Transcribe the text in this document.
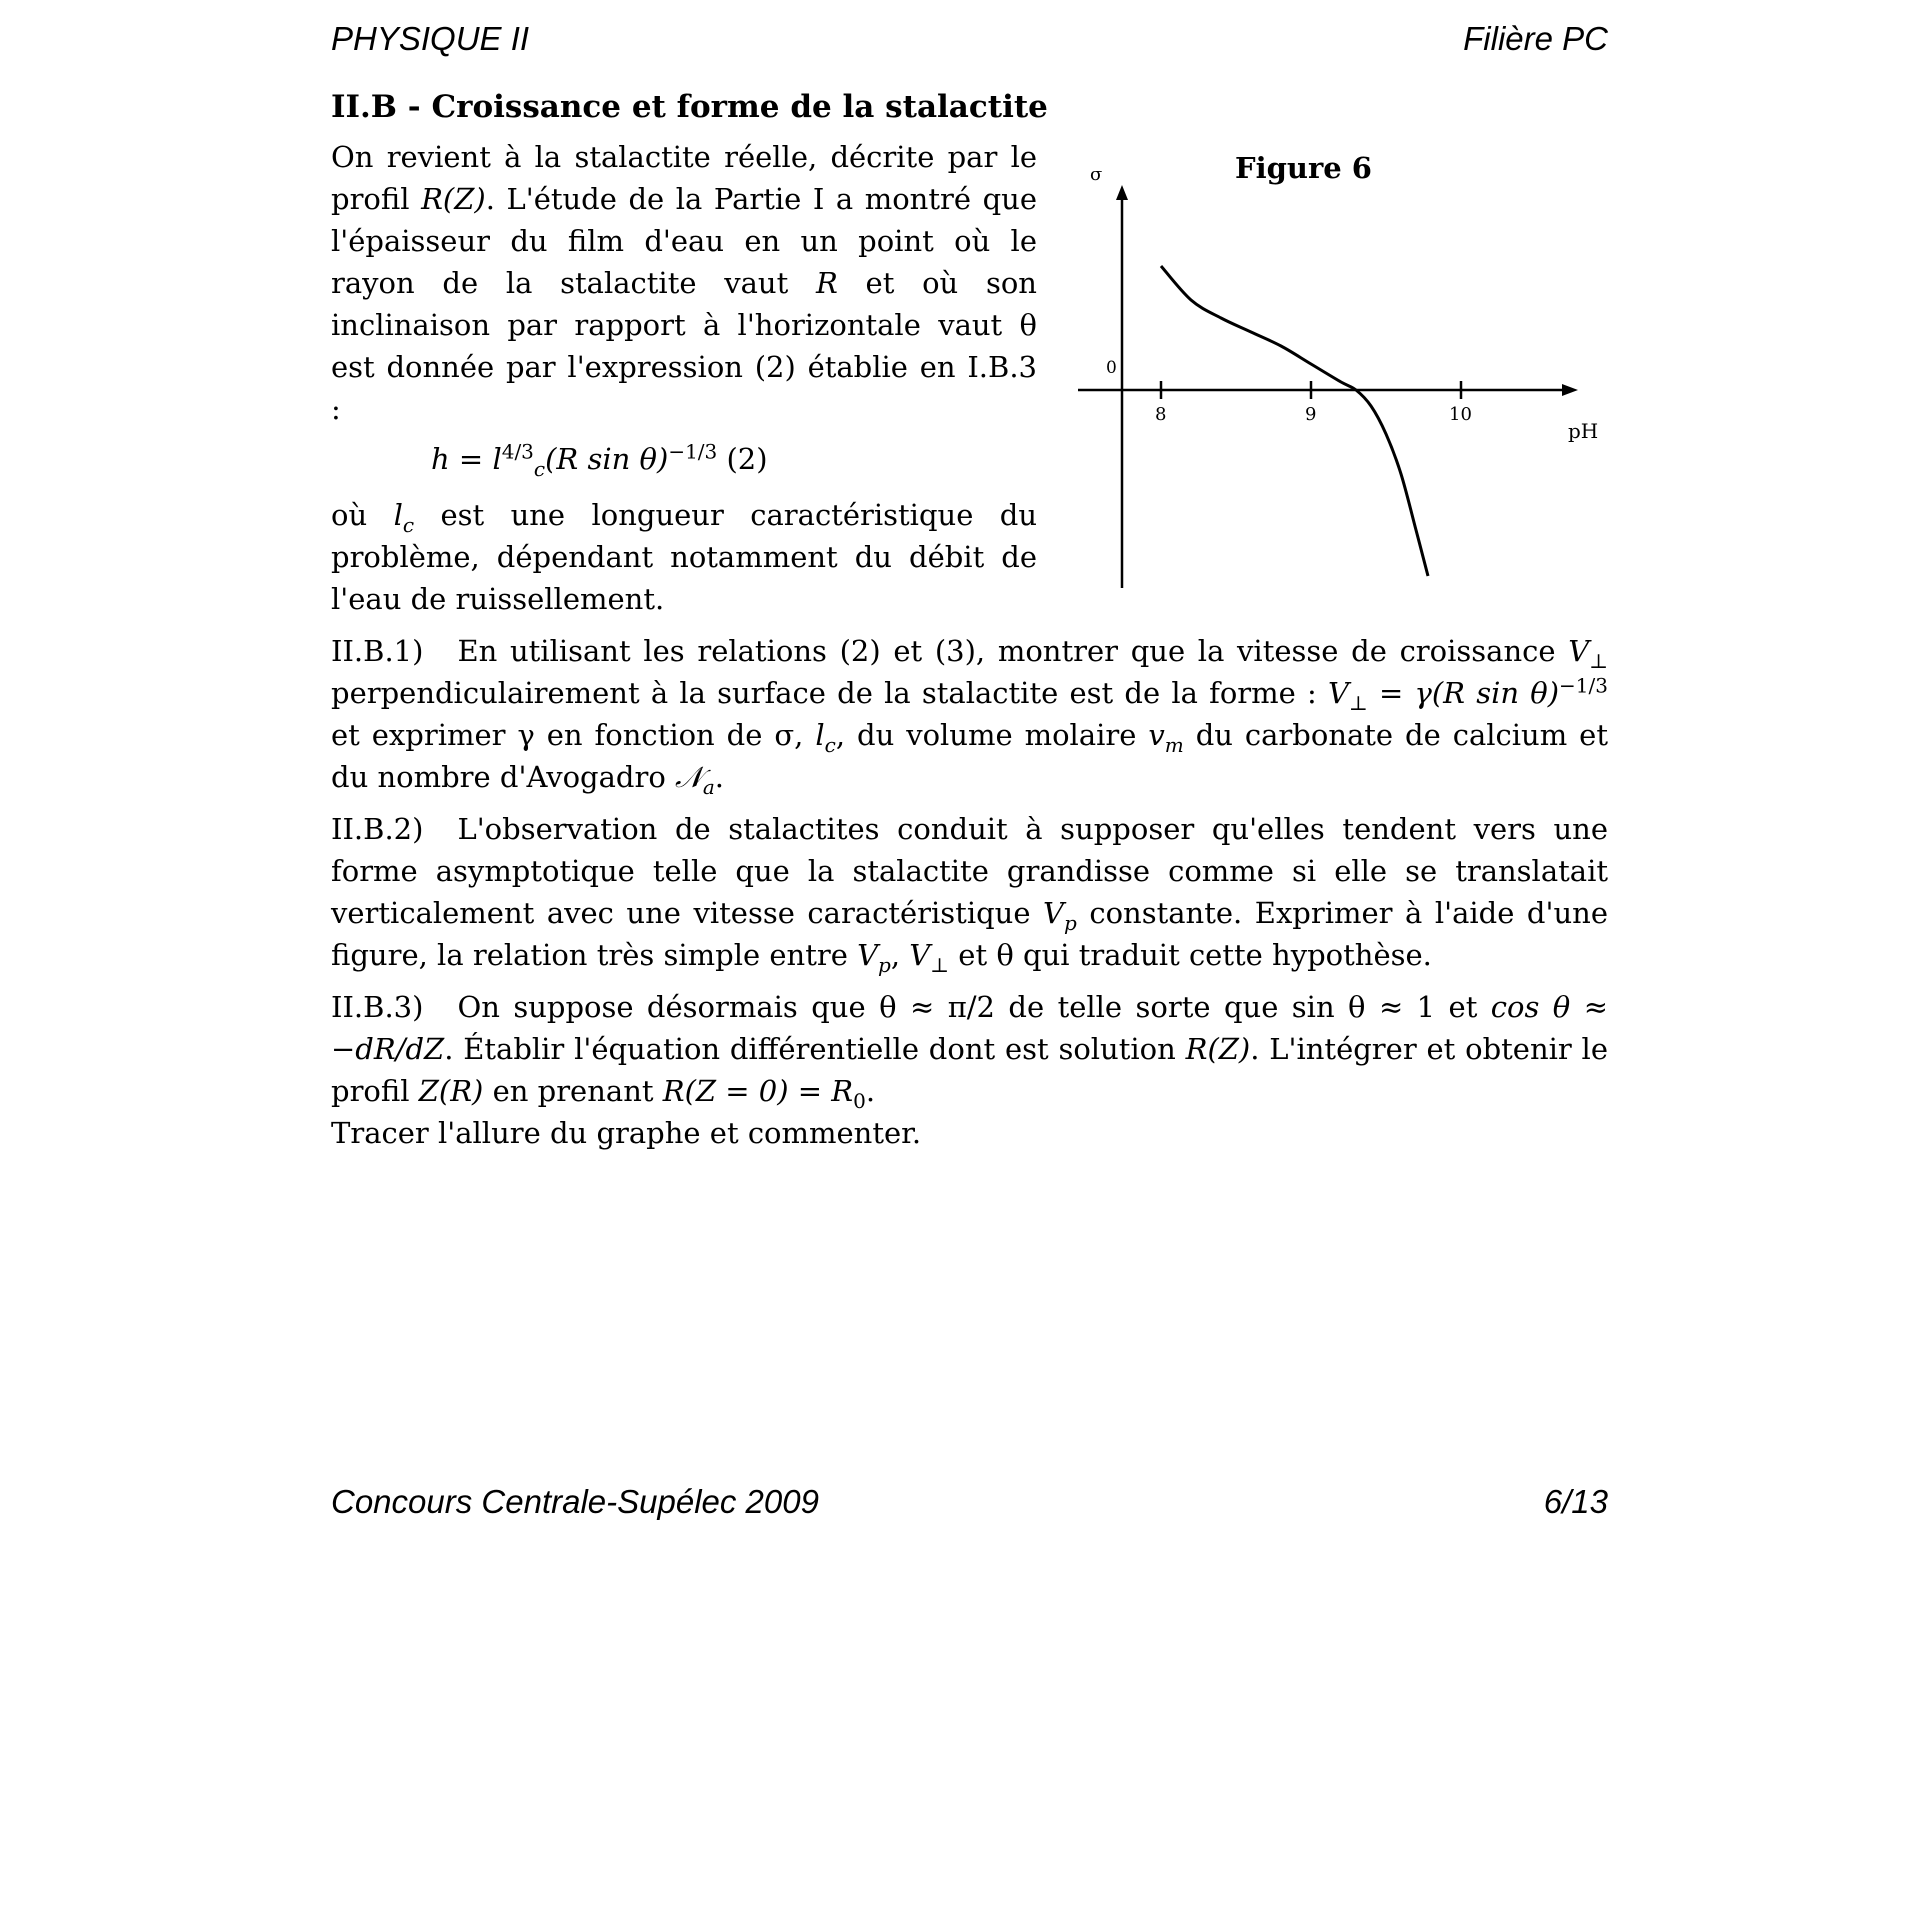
PHYSIQUE II	Filière PC
II.B - Croissance et forme de la stalactite

On revient à la stalactite réelle, décrite par le profil R(Z). L'étude de la Partie I a montré que l'épaisseur du film d'eau en un point où le rayon de la stalactite vaut R et où son inclinaison par rapport à l'horizontale vaut θ est donnée par l'expression (2) établie en I.B.3 :

$h = l^{4/3}_c(R$ sin θ)$^{-1/3}$ (2)

où $l_c$ est une longueur caractéristique du problème, dépendant notamment du débit de l'eau de ruissellement.

II.B.1) En utilisant les relations (2) et (3), montrer que la vitesse de croissance $V_\perp$ perpendiculairement à la surface de la stalactite est de la forme : $V_\perp = \gamma(R$ sin θ)$^{-1/3}$ et exprimer γ en fonction de σ, $l_c$, du volume molaire $v_m$ du carbonate de calcium et du nombre d'Avogadro 𝒩$_a$.

II.B.2) L'observation de stalactites conduit à supposer qu'elles tendent vers une forme asymptotique telle que la stalactite grandisse comme si elle se translatait verticalement avec une vitesse caractéristique $V_p$ constante. Exprimer à l'aide d'une figure, la relation très simple entre $V_p$, $V_\perp$ et θ qui traduit cette hypothèse.

II.B.3) On suppose désormais que θ ≈ π/2 de telle sorte que sin θ ≈ 1 et cos θ ≈ −dR/dZ. Établir l'équation différentielle dont est solution R(Z). L'intégrer et obtenir le profil Z(R) en prenant $R(Z = 0) = R_0$.

Tracer l'allure du graphe et commenter.

Figure 6
σ
pH
0
8	9	10
Concours Centrale-Supélec 2009	6/13
